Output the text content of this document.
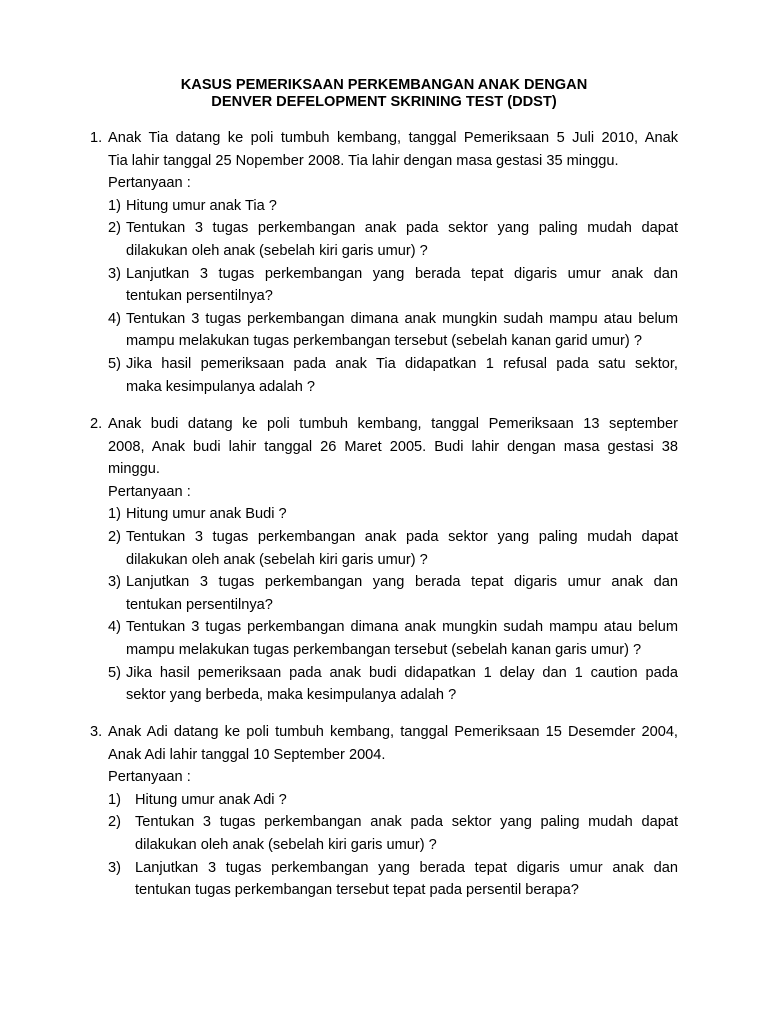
KASUS PEMERIKSAAN PERKEMBANGAN ANAK DENGAN
DENVER DEFELOPMENT SKRINING TEST (DDST)
1. Anak Tia datang ke poli tumbuh kembang, tanggal Pemeriksaan 5 Juli 2010, Anak
Tia lahir tanggal 25 Nopember 2008. Tia lahir dengan masa gestasi 35 minggu.
Pertanyaan :
1) Hitung umur anak Tia ?
2) Tentukan 3 tugas perkembangan anak pada sektor yang paling mudah dapat
dilakukan oleh anak (sebelah kiri garis umur) ?
3) Lanjutkan 3 tugas perkembangan yang berada tepat digaris umur anak dan
tentukan persentilnya?
4) Tentukan 3 tugas perkembangan dimana anak mungkin sudah mampu atau belum
mampu melakukan tugas perkembangan tersebut (sebelah kanan garid umur) ?
5) Jika hasil pemeriksaan pada anak Tia didapatkan 1 refusal pada satu sektor,
maka kesimpulanya adalah ?
2. Anak budi datang ke poli tumbuh kembang, tanggal Pemeriksaan 13 september
2008, Anak budi lahir tanggal 26 Maret 2005. Budi lahir dengan masa gestasi 38
minggu.
Pertanyaan :
1) Hitung umur anak Budi ?
2) Tentukan 3 tugas perkembangan anak pada sektor yang paling mudah dapat
dilakukan oleh anak (sebelah kiri garis umur) ?
3) Lanjutkan 3 tugas perkembangan yang berada tepat digaris umur anak dan
tentukan persentilnya?
4) Tentukan 3 tugas perkembangan dimana anak mungkin sudah mampu atau belum
mampu melakukan tugas perkembangan tersebut (sebelah kanan garis umur) ?
5) Jika hasil pemeriksaan pada anak budi didapatkan 1 delay dan 1 caution pada
sektor yang berbeda, maka kesimpulanya adalah ?
3. Anak Adi datang ke poli tumbuh kembang, tanggal Pemeriksaan 15 Desemder 2004,
Anak Adi lahir tanggal 10 September 2004.
Pertanyaan :
1) Hitung umur anak Adi ?
2) Tentukan 3 tugas perkembangan anak pada sektor yang paling mudah dapat
dilakukan oleh anak (sebelah kiri garis umur) ?
3) Lanjutkan 3 tugas perkembangan yang berada tepat digaris umur anak dan
tentukan tugas perkembangan tersebut tepat pada persentil berapa?
